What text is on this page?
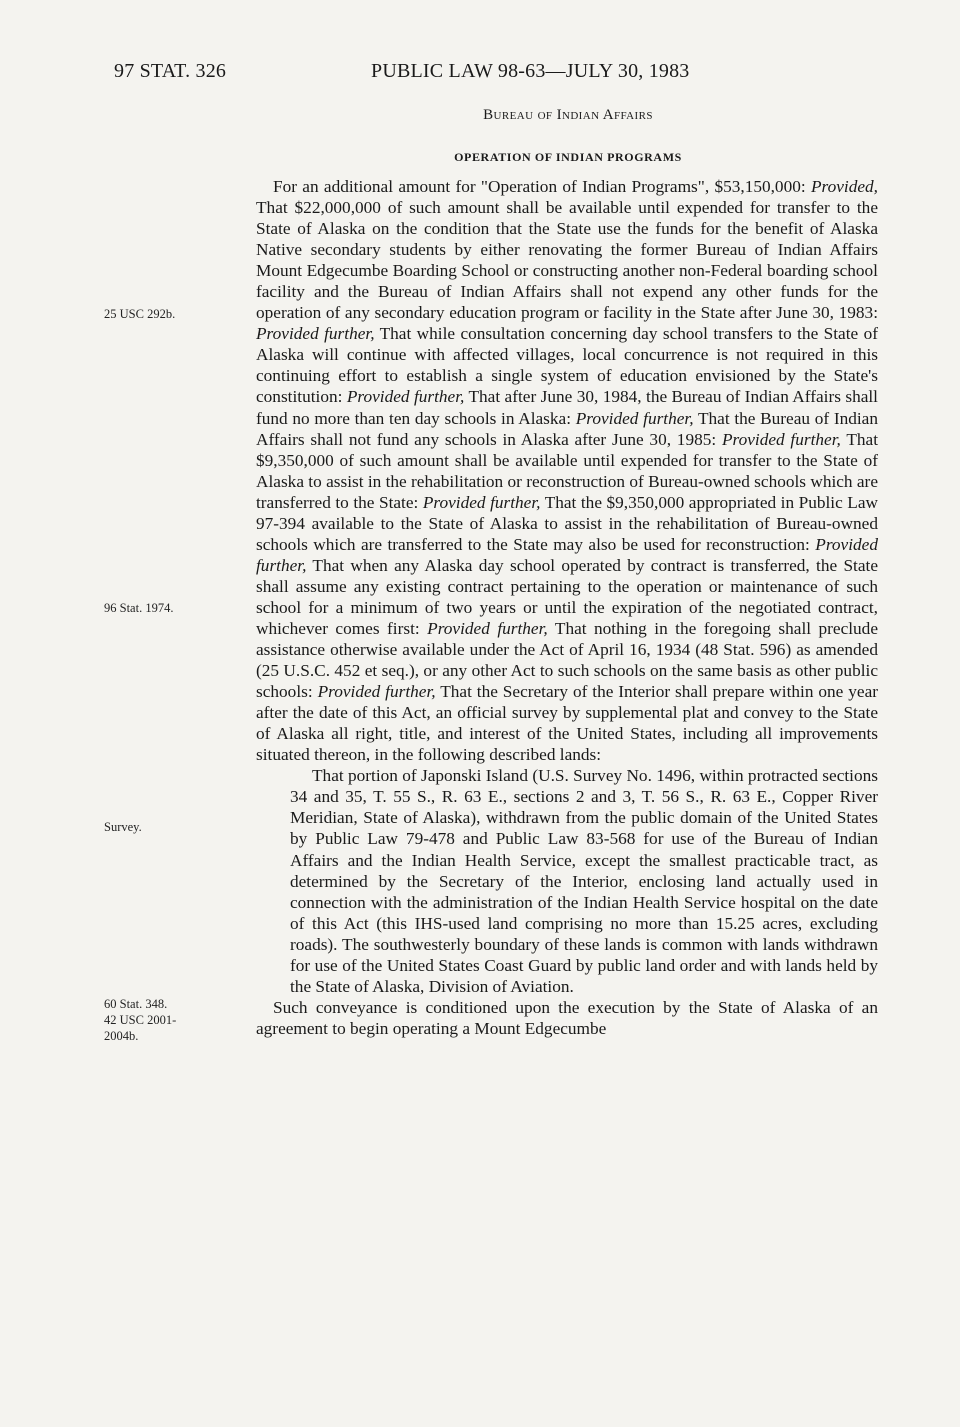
97 STAT. 326	PUBLIC LAW 98-63—JULY 30, 1983
Bureau of Indian Affairs
OPERATION OF INDIAN PROGRAMS
25 USC 292b.
96 Stat. 1974.
Survey.
60 Stat. 348.
42 USC 2001-
2004b.

For an additional amount for "Operation of Indian Programs", $53,150,000: Provided, That $22,000,000 of such amount shall be available until expended for transfer to the State of Alaska on the condition that the State use the funds for the benefit of Alaska Native secondary students by either renovating the former Bureau of Indian Affairs Mount Edgecumbe Boarding School or constructing another non-Federal boarding school facility and the Bureau of Indian Affairs shall not expend any other funds for the operation of any secondary education program or facility in the State after June 30, 1983: Provided further, That while consultation concerning day school transfers to the State of Alaska will continue with affected villages, local concurrence is not required in this continuing effort to establish a single system of education envisioned by the State's constitution: Provided further, That after June 30, 1984, the Bureau of Indian Affairs shall fund no more than ten day schools in Alaska: Provided further, That the Bureau of Indian Affairs shall not fund any schools in Alaska after June 30, 1985: Provided further, That $9,350,000 of such amount shall be available until expended for transfer to the State of Alaska to assist in the rehabilitation or reconstruction of Bureau-owned schools which are transferred to the State: Provided further, That the $9,350,000 appropriated in Public Law 97-394 available to the State of Alaska to assist in the rehabilitation of Bureau-owned schools which are transferred to the State may also be used for reconstruction: Provided further, That when any Alaska day school operated by contract is transferred, the State shall assume any existing contract pertaining to the operation or maintenance of such school for a minimum of two years or until the expiration of the negotiated contract, whichever comes first: Provided further, That nothing in the foregoing shall preclude assistance otherwise available under the Act of April 16, 1934 (48 Stat. 596) as amended (25 U.S.C. 452 et seq.), or any other Act to such schools on the same basis as other public schools: Provided further, That the Secretary of the Interior shall prepare within one year after the date of this Act, an official survey by supplemental plat and convey to the State of Alaska all right, title, and interest of the United States, including all improvements situated thereon, in the following described lands:

That portion of Japonski Island (U.S. Survey No. 1496, within protracted sections 34 and 35, T. 55 S., R. 63 E., sections 2 and 3, T. 56 S., R. 63 E., Copper River Meridian, State of Alaska), withdrawn from the public domain of the United States by Public Law 79-478 and Public Law 83-568 for use of the Bureau of Indian Affairs and the Indian Health Service, except the smallest practicable tract, as determined by the Secretary of the Interior, enclosing land actually used in connection with the administration of the Indian Health Service hospital on the date of this Act (this IHS-used land comprising no more than 15.25 acres, excluding roads). The southwesterly boundary of these lands is common with lands withdrawn for use of the United States Coast Guard by public land order and with lands held by the State of Alaska, Division of Aviation.

Such conveyance is conditioned upon the execution by the State of Alaska of an agreement to begin operating a Mount Edgecumbe
